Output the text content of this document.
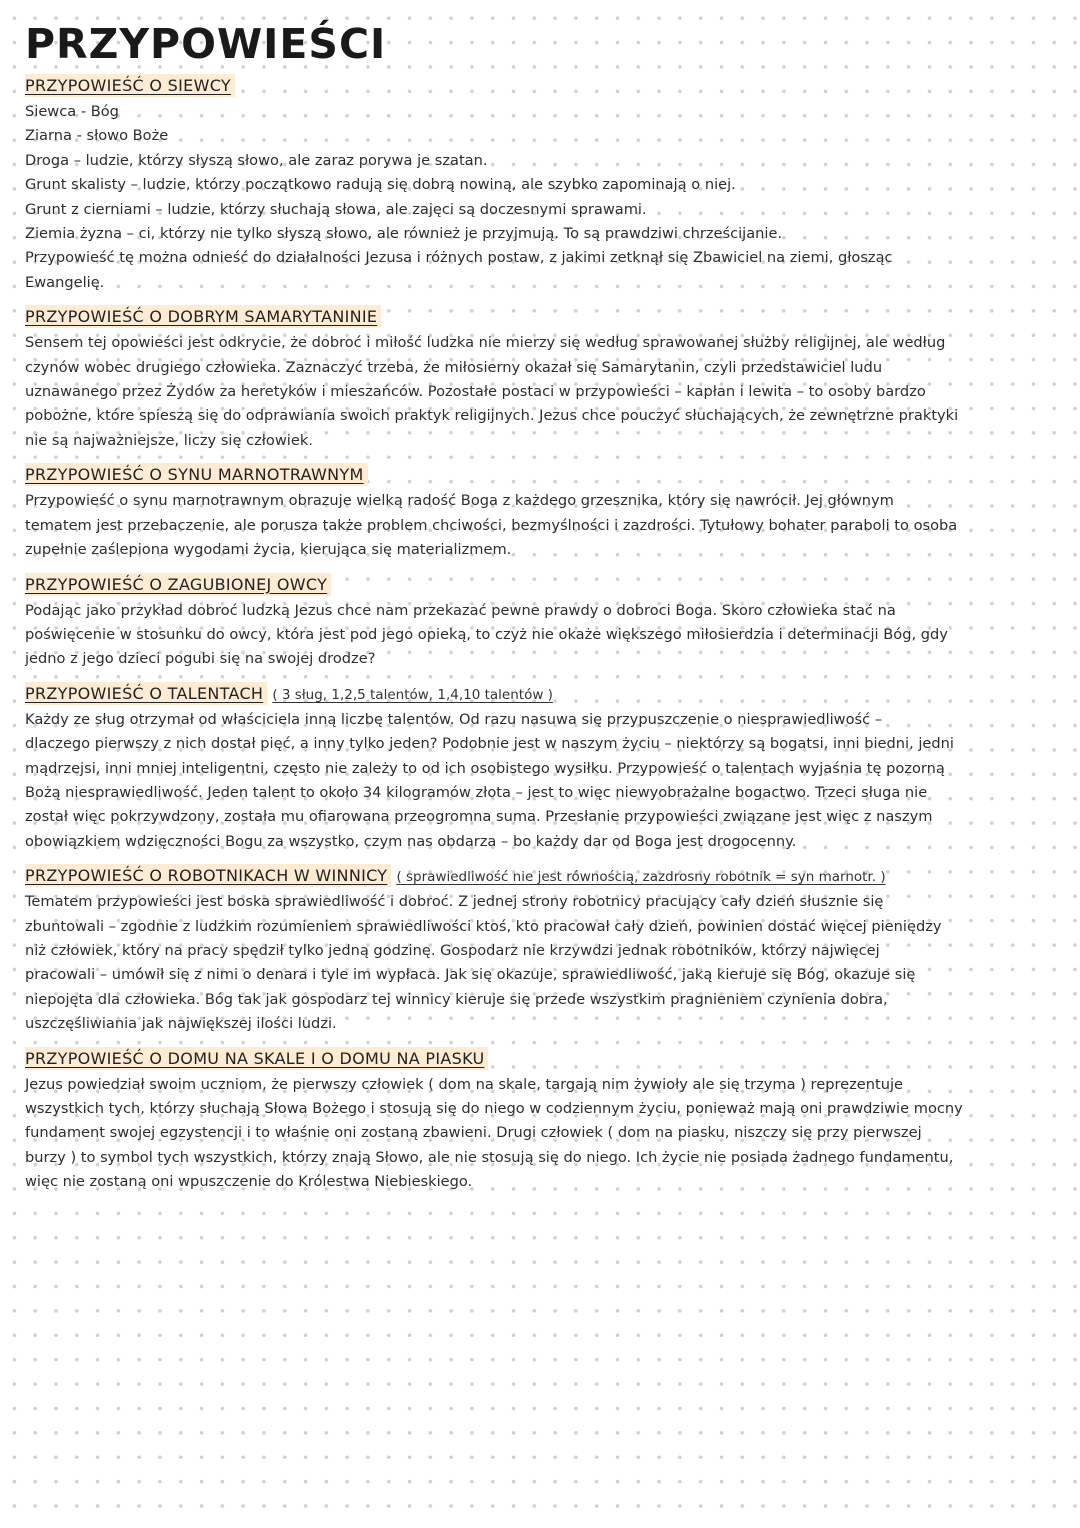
PRZYPOWIEŚCI
PRZYPOWIEŚĆ O SIEWCY
Siewca - Bóg
Ziarna - słowo Boże
Droga – ludzie, którzy słyszą słowo, ale zaraz porywa je szatan.
Grunt skalisty – ludzie, którzy początkowo radują się dobrą nowiną, ale szybko zapominają o niej.
Grunt z cierniami – ludzie, którzy słuchają słowa, ale zajęci są doczesnymi sprawami.
Ziemia żyzna – ci, którzy nie tylko słyszą słowo, ale również je przyjmują. To są prawdziwi chrześcijanie.
Przypowieść tę można odnieść do działalności Jezusa i różnych postaw, z jakimi zetknął się Zbawiciel na ziemi, głosząc
Ewangelię.
PRZYPOWIEŚĆ O DOBRYM SAMARYTANINIE
Sensem tej opowieści jest odkrycie, że dobroć i miłość ludzka nie mierzy się według sprawowanej służby religijnej, ale według
czynów wobec drugiego człowieka. Zaznaczyć trzeba, że miłosierny okazał się Samarytanin, czyli przedstawiciel ludu
uznawanego przez Żydów za heretyków i mieszańców. Pozostałe postaci w przypowieści – kapłan i lewita – to osoby bardzo
pobożne, które spieszą się do odprawiania swoich praktyk religijnych. Jezus chce pouczyć słuchających, że zewnętrzne praktyki
nie są najważniejsze, liczy się człowiek.
PRZYPOWIEŚĆ O SYNU MARNOTRAWNYM
Przypowieść o synu marnotrawnym obrazuje wielką radość Boga z każdego grzesznika, który się nawrócił. Jej głównym
tematem jest przebaczenie, ale porusza także problem chciwości, bezmyślności i zazdrości. Tytułowy bohater paraboli to osoba
zupełnie zaślepiona wygodami życia, kierująca się materializmem.
PRZYPOWIEŚĆ O ZAGUBIONEJ OWCY
Podając jako przykład dobroć ludzką Jezus chce nam przekazać pewne prawdy o dobroci Boga. Skoro człowieka stać na
poświęcenie w stosunku do owcy, która jest pod jego opieką, to czyż nie okaże większego miłosierdzia i determinacji Bóg, gdy
jedno z jego dzieci pogubi się na swojej drodze?
PRZYPOWIEŚĆ O TALENTACH ( 3 sług, 1,2,5 talentów, 1,4,10 talentów )
Każdy ze sług otrzymał od właściciela inną liczbę talentów. Od razu nasuwa się przypuszczenie o niesprawiedliwość –
dlaczego pierwszy z nich dostał pięć, a inny tylko jeden? Podobnie jest w naszym życiu – niektórzy są bogatsi, inni biedni, jedni
mądrzejsi, inni mniej inteligentni, często nie zależy to od ich osobistego wysiłku. Przypowieść o talentach wyjaśnia tę pozorną
Bożą niesprawiedliwość. Jeden talent to około 34 kilogramów złota – jest to więc niewyobrażalne bogactwo. Trzeci sługa nie
został więc pokrzywdzony, została mu ofiarowana przeogromna suma. Przesłanie przypowieści związane jest więc z naszym
obowiązkiem wdzięczności Bogu za wszystko, czym nas obdarza – bo każdy dar od Boga jest drogocenny.
PRZYPOWIEŚĆ O ROBOTNIKACH W WINNICY ( sprawiedliwość nie jest równością, zazdrosny robotnik = syn marnotr. )
Tematem przypowieści jest boska sprawiedliwość i dobroć. Z jednej strony robotnicy pracujący cały dzień słusznie się
zbuntowali – zgodnie z ludzkim rozumieniem sprawiedliwości ktoś, kto pracował cały dzień, powinien dostać więcej pieniędzy
niż człowiek, który na pracy spędził tylko jedną godzinę. Gospodarz nie krzywdzi jednak robotników, którzy najwięcej
pracowali – umówił się z nimi o denara i tyle im wypłaca. Jak się okazuje, sprawiedliwość, jaką kieruje się Bóg, okazuje się
niepojęta dla człowieka. Bóg tak jak gospodarz tej winnicy kieruje się przede wszystkim pragnieniem czynienia dobra,
uszczęśliwiania jak największej ilości ludzi.
PRZYPOWIEŚĆ O DOMU NA SKALE I O DOMU NA PIASKU
Jezus powiedział swoim uczniom, że pierwszy człowiek ( dom na skale, targają nim żywioły ale się trzyma ) reprezentuje
wszystkich tych, którzy słuchają Słowa Bożego i stosują się do niego w codziennym życiu, ponieważ mają oni prawdziwie mocny
fundament swojej egzystencji i to właśnie oni zostaną zbawieni. Drugi człowiek ( dom na piasku, niszczy się przy pierwszej
burzy ) to symbol tych wszystkich, którzy znają Słowo, ale nie stosują się do niego. Ich życie nie posiada żadnego fundamentu,
więc nie zostaną oni wpuszczenie do Królestwa Niebieskiego.
